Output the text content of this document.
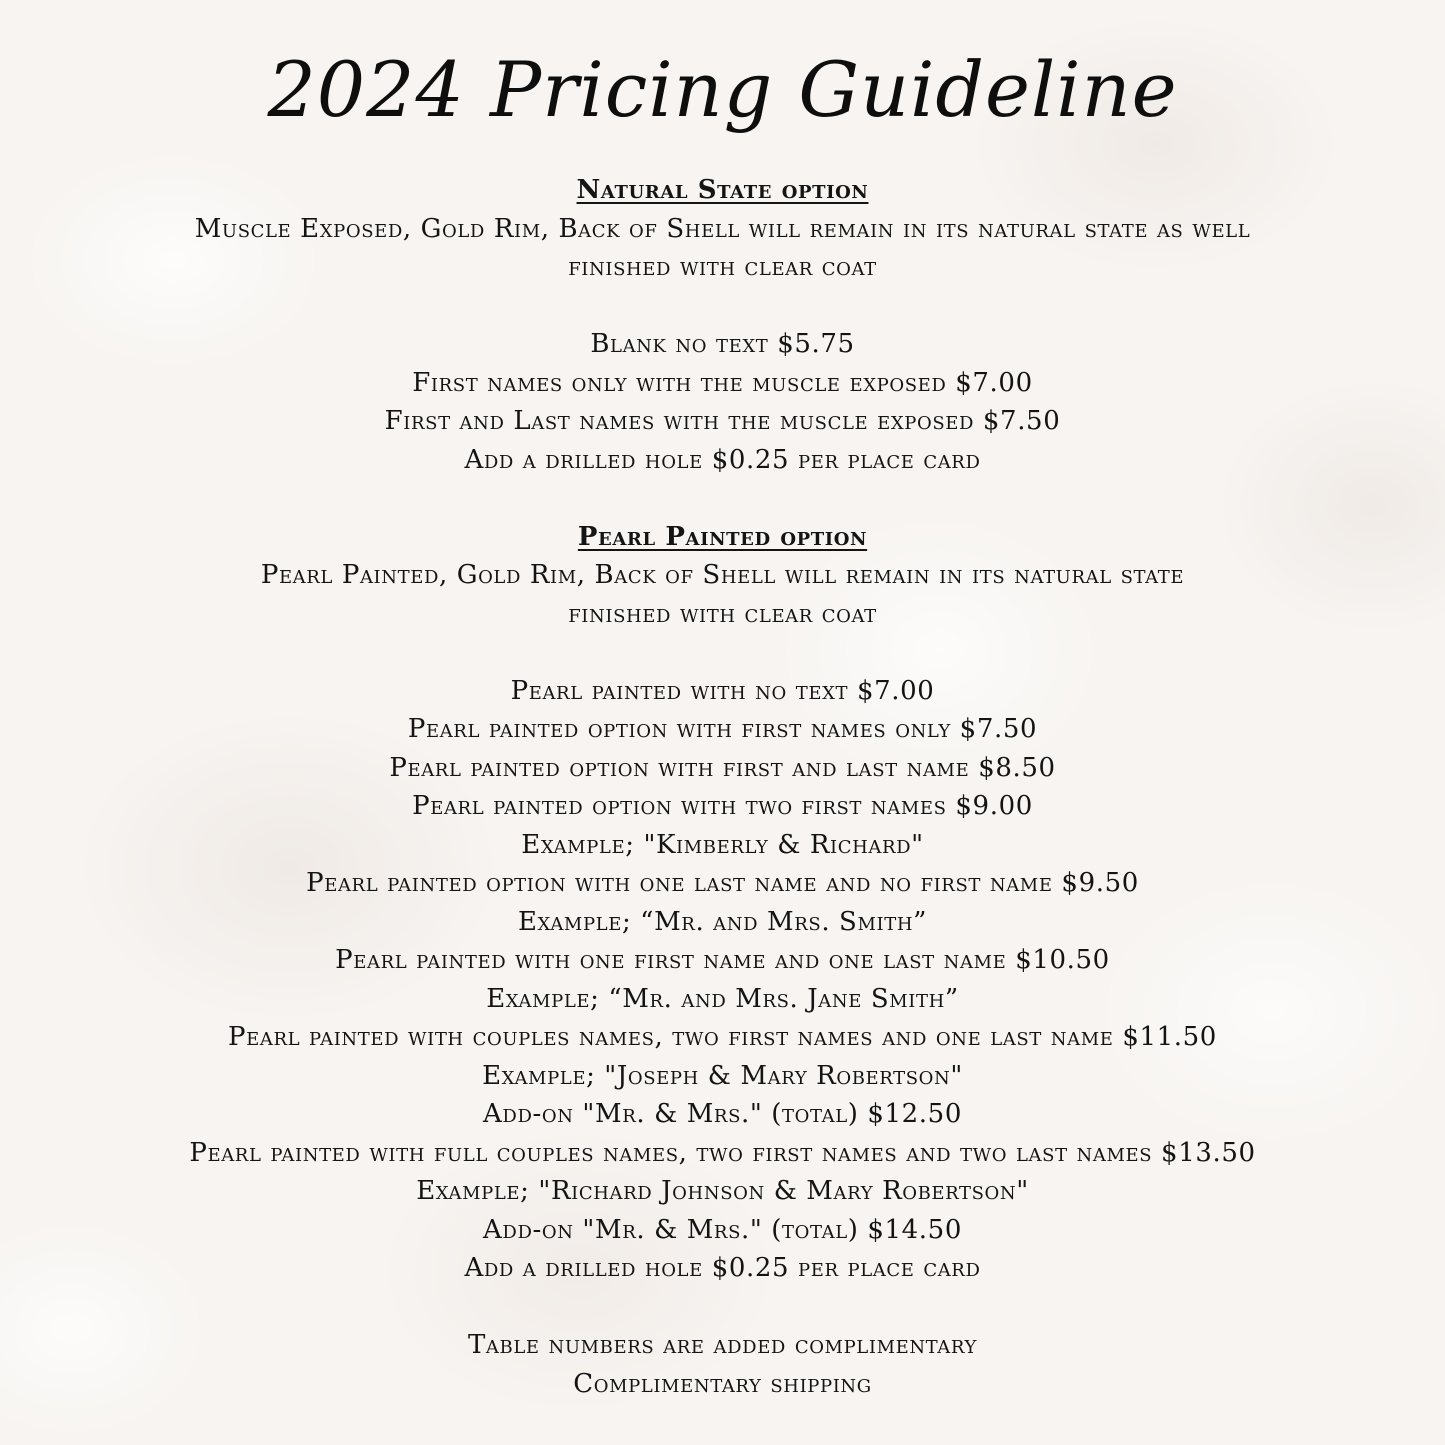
2024 Pricing Guideline
Natural State option
Muscle Exposed, Gold Rim, Back of Shell will remain in its natural state as well
finished with clear coat
Blank no text $5.75
First names only with the muscle exposed $7.00
First and Last names with the muscle exposed $7.50
Add a drilled hole $0.25 per place card
Pearl Painted option
Pearl Painted, Gold Rim, Back of Shell will remain in its natural state
finished with clear coat
Pearl painted with no text $7.00
Pearl painted option with first names only $7.50
Pearl painted option with first and last name $8.50
Pearl painted option with two first names $9.00
Example; "Kimberly & Richard"
Pearl painted option with one last name and no first name $9.50
Example; “Mr. and Mrs. Smith”
Pearl painted with one first name and one last name $10.50
Example; “Mr. and Mrs. Jane Smith”
Pearl painted with couples names, two first names and one last name $11.50
Example; "Joseph & Mary Robertson"
Add-on "Mr. & Mrs." (total) $12.50
Pearl painted with full couples names, two first names and two last names $13.50
Example; "Richard Johnson & Mary Robertson"
Add-on "Mr. & Mrs." (total) $14.50
Add a drilled hole $0.25 per place card
Table numbers are added complimentary
Complimentary shipping
